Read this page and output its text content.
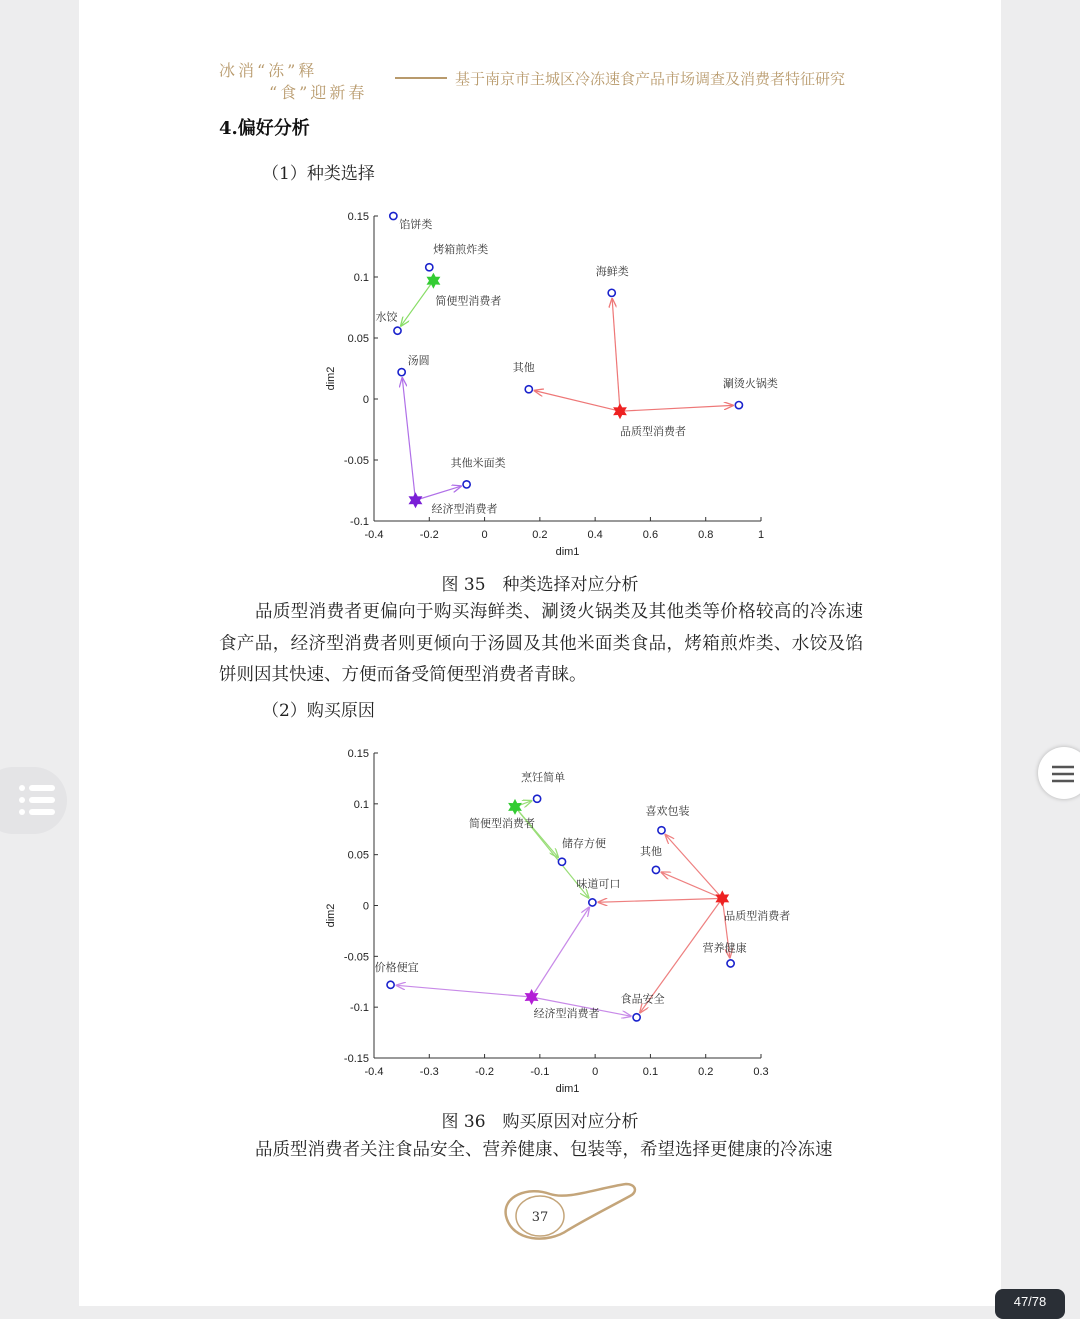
冰消“冻”释
“食”迎新春
基于南京市主城区冷冻速食产品市场调查及消费者特征研究
4.偏好分析
（1）种类选择
-0.4	-0.2	0	0.2	0.4	0.6	0.8	1
-0.1
-0.05
0
0.05
0.1
0.15
dim1
dim2
馅饼类
烤箱煎炸类
水饺
汤圆
其他米面类
海鲜类
其他
涮烫火锅类
简便型消费者
品质型消费者
经济型消费者
图 35　种类选择对应分析

品质型消费者更偏向于购买海鲜类、涮烫火锅类及其他类等价格较高的冷冻速食产品，经济型消费者则更倾向于汤圆及其他米面类食品，烤箱煎炸类、水饺及馅饼则因其快速、方便而备受简便型消费者青睐。

（2）购买原因
-0.4	-0.3	-0.2	-0.1	0	0.1	0.2	0.3
-0.15
-0.1
-0.05
0
0.05
0.1
0.15
dim1
dim2
烹饪简单
储存方便
味道可口
喜欢包装
其他
营养健康
价格便宜
食品安全
简便型消费者
品质型消费者
经济型消费者
图 36　购买原因对应分析

品质型消费者关注食品安全、营养健康、包装等，希望选择更健康的冷冻速

37
47/78
